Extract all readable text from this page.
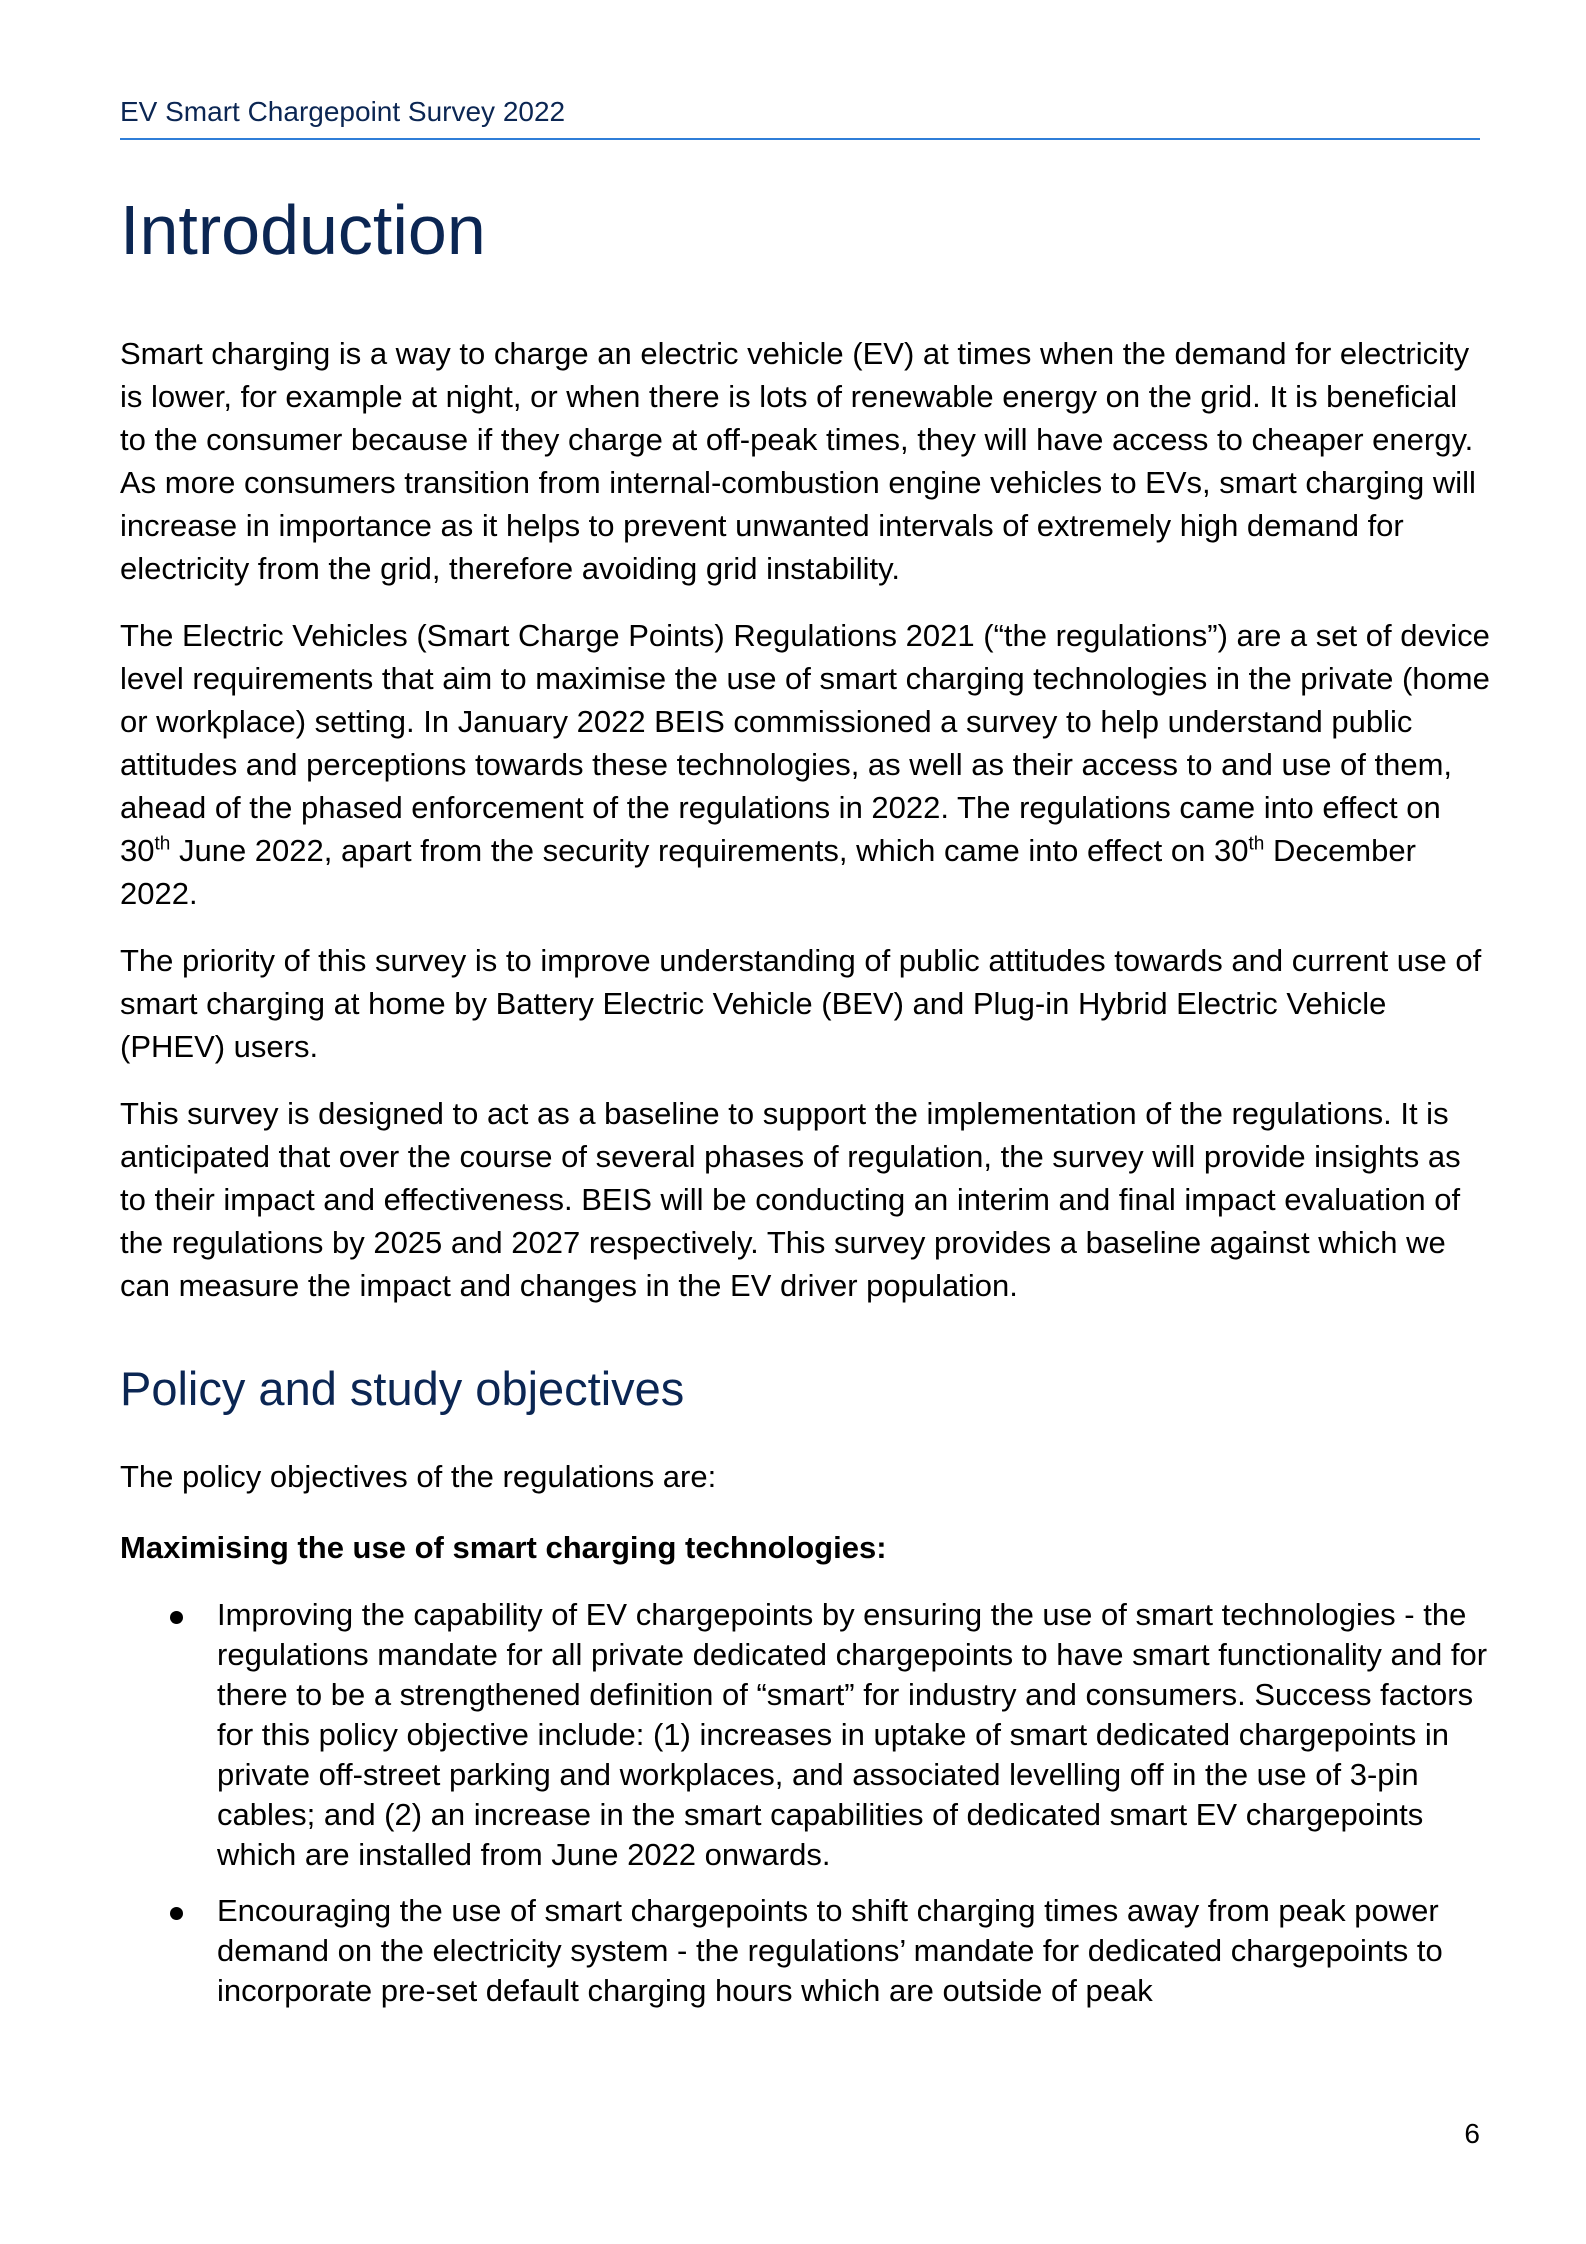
EV Smart Chargepoint Survey 2022
Introduction

Smart charging is a way to charge an electric vehicle (EV) at times when the demand for electricity is lower, for example at night, or when there is lots of renewable energy on the grid. It is beneficial to the consumer because if they charge at off-peak times, they will have access to cheaper energy. As more consumers transition from internal-combustion engine vehicles to EVs, smart charging will increase in importance as it helps to prevent unwanted intervals of extremely high demand for electricity from the grid, therefore avoiding grid instability.

The Electric Vehicles (Smart Charge Points) Regulations 2021 (“the regulations”) are a set of device level requirements that aim to maximise the use of smart charging technologies in the private (home or workplace) setting. In January 2022 BEIS commissioned a survey to help understand public attitudes and perceptions towards these technologies, as well as their access to and use of them, ahead of the phased enforcement of the regulations in 2022. The regulations came into effect on 30th June 2022, apart from the security requirements, which came into effect on 30th December 2022.

The priority of this survey is to improve understanding of public attitudes towards and current use of smart charging at home by Battery Electric Vehicle (BEV) and Plug-in Hybrid Electric Vehicle (PHEV) users.

This survey is designed to act as a baseline to support the implementation of the regulations. It is anticipated that over the course of several phases of regulation, the survey will provide insights as to their impact and effectiveness. BEIS will be conducting an interim and final impact evaluation of the regulations by 2025 and 2027 respectively. This survey provides a baseline against which we can measure the impact and changes in the EV driver population.

Policy and study objectives

The policy objectives of the regulations are:

Maximising the use of smart charging technologies:

Improving the capability of EV chargepoints by ensuring the use of smart technologies - the regulations mandate for all private dedicated chargepoints to have smart functionality and for there to be a strengthened definition of “smart” for industry and consumers. Success factors for this policy objective include: (1) increases in uptake of smart dedicated chargepoints in private off-street parking and workplaces, and associated levelling off in the use of 3-pin cables; and (2) an increase in the smart capabilities of dedicated smart EV chargepoints which are installed from June 2022 onwards.
Encouraging the use of smart chargepoints to shift charging times away from peak power demand on the electricity system - the regulations’ mandate for dedicated chargepoints to incorporate pre-set default charging hours which are outside of peak
6
